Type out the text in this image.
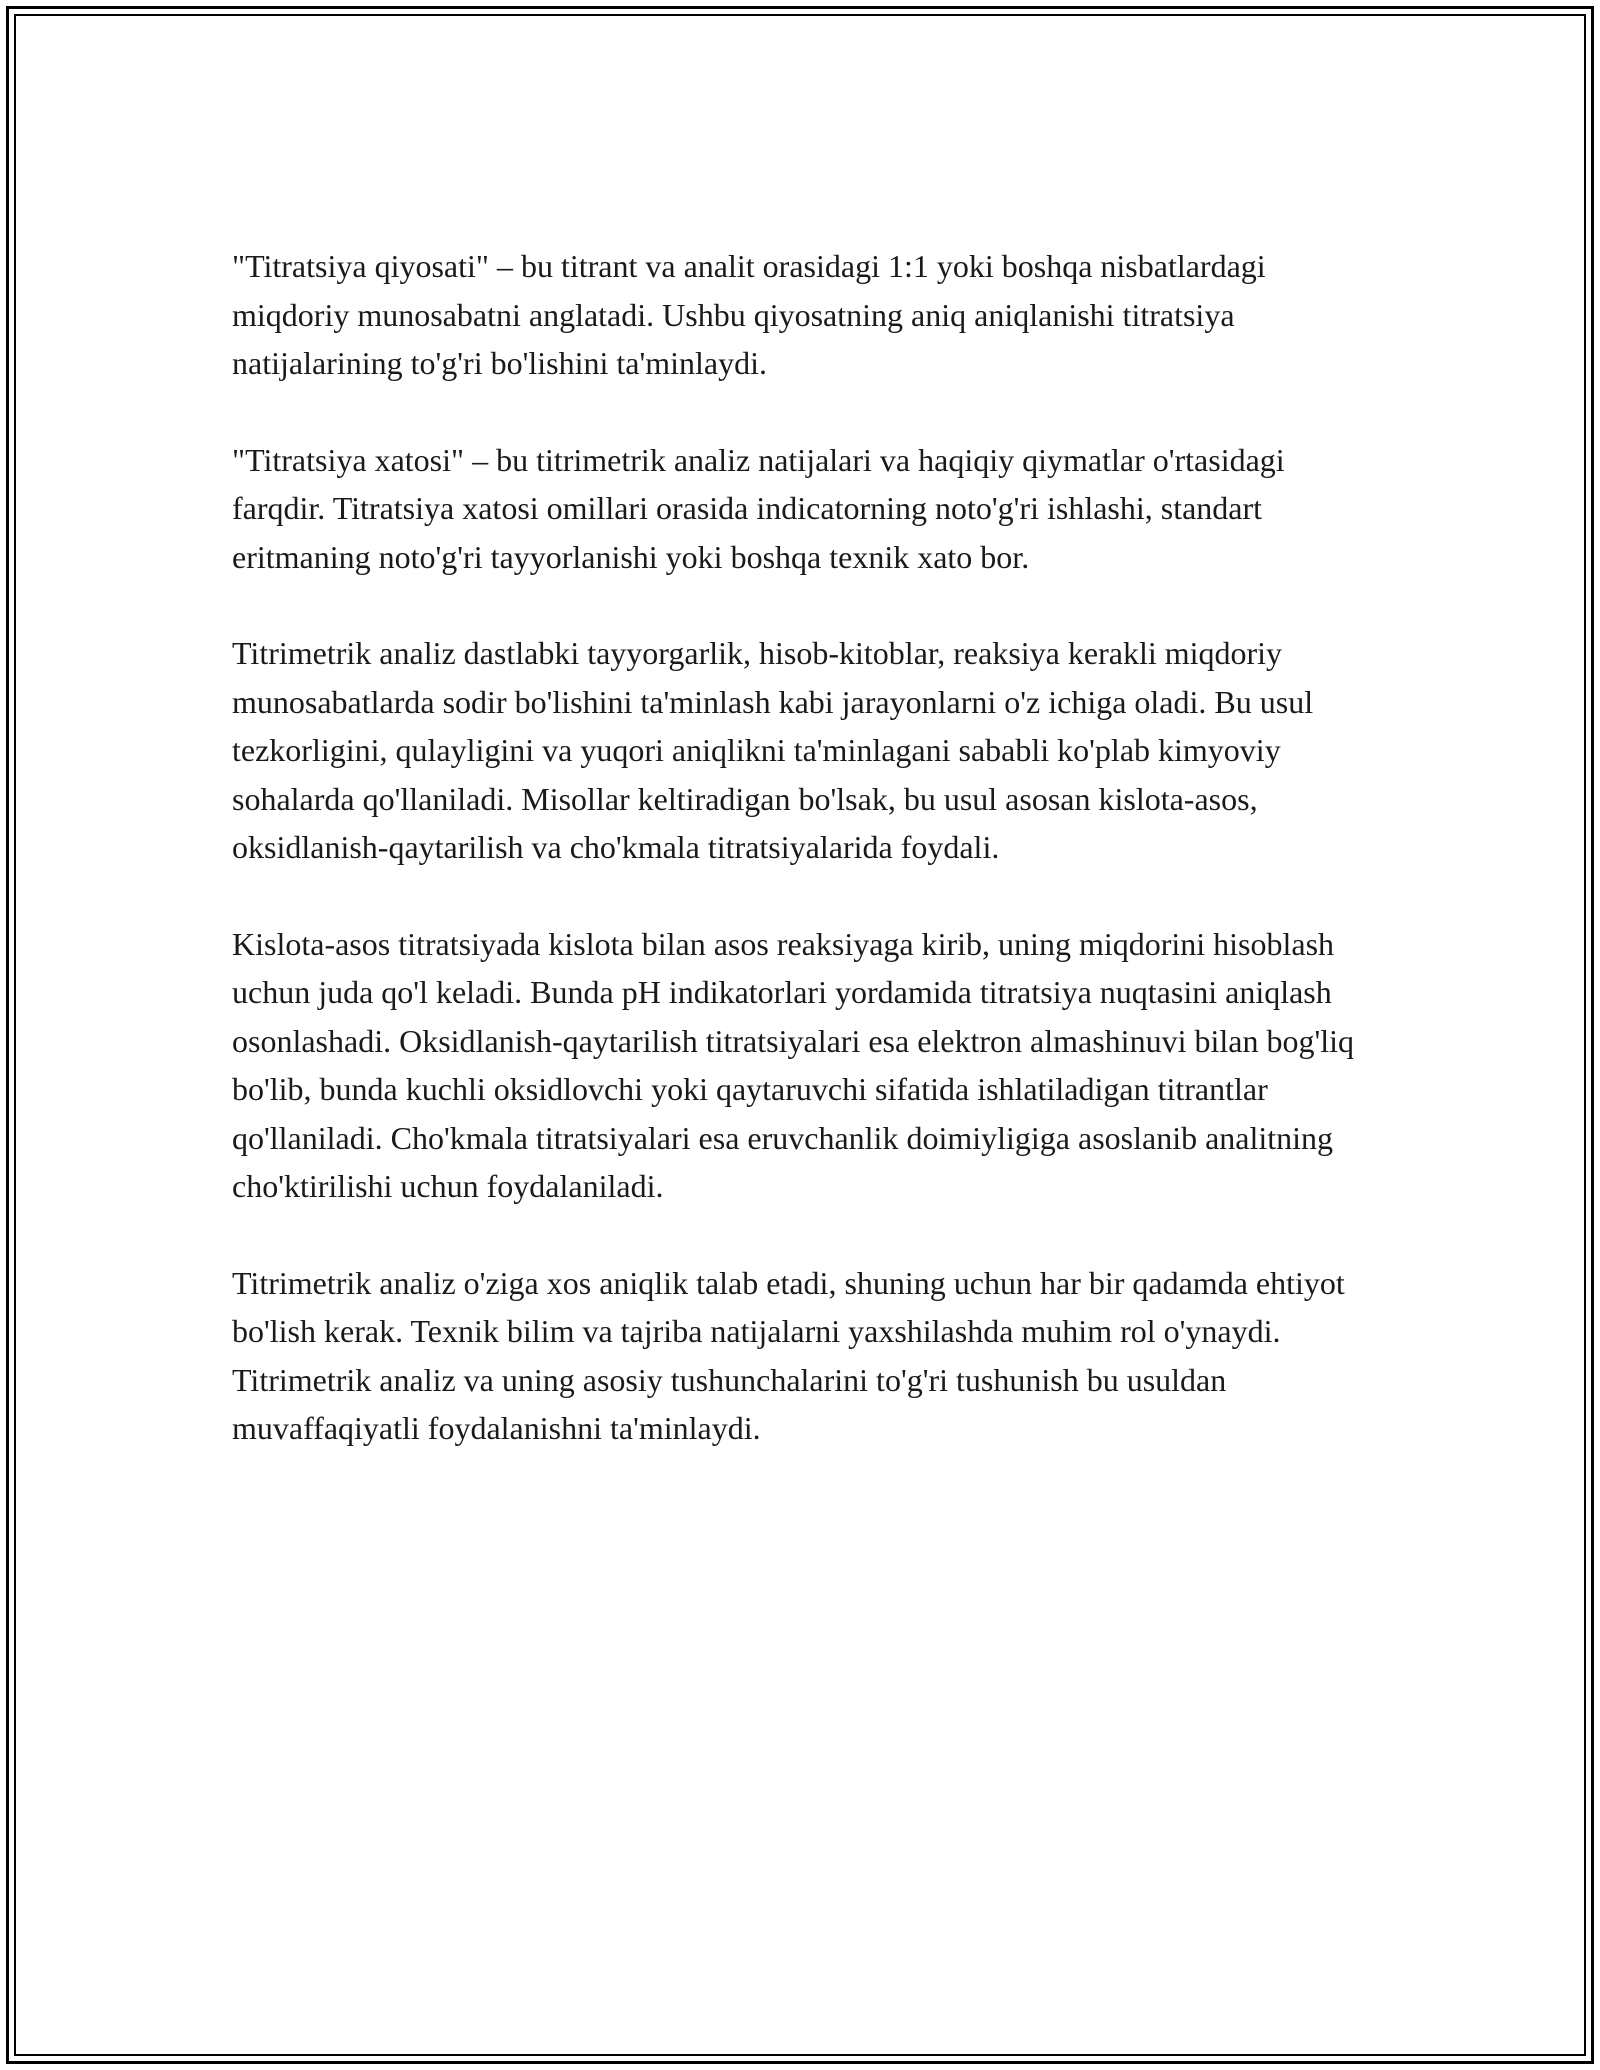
"Titratsiya qiyosati" – bu titrant va analit orasidagi 1:1 yoki boshqa nisbatlardagi miqdoriy munosabatni anglatadi. Ushbu qiyosatning aniq aniqlanishi titratsiya natijalarining to'g'ri bo'lishini ta'minlaydi.

"Titratsiya xatosi" – bu titrimetrik analiz natijalari va haqiqiy qiymatlar o'rtasidagi farqdir. Titratsiya xatosi omillari orasida indicatorning noto'g'ri ishlashi, standart eritmaning noto'g'ri tayyorlanishi yoki boshqa texnik xato bor.

Titrimetrik analiz dastlabki tayyorgarlik, hisob-kitoblar, reaksiya kerakli miqdoriy munosabatlarda sodir bo'lishini ta'minlash kabi jarayonlarni o'z ichiga oladi. Bu usul tezkorligini, qulayligini va yuqori aniqlikni ta'minlagani sababli ko'plab kimyoviy sohalarda qo'llaniladi. Misollar keltiradigan bo'lsak, bu usul asosan kislota-asos, oksidlanish-qaytarilish va cho'kmala titratsiyalarida foydali.

Kislota-asos titratsiyada kislota bilan asos reaksiyaga kirib, uning miqdorini hisoblash uchun juda qo'l keladi. Bunda pH indikatorlari yordamida titratsiya nuqtasini aniqlash osonlashadi. Oksidlanish-qaytarilish titratsiyalari esa elektron almashinuvi bilan bog'liq bo'lib, bunda kuchli oksidlovchi yoki qaytaruvchi sifatida ishlatiladigan titrantlar qo'llaniladi. Cho'kmala titratsiyalari esa eruvchanlik doimiyligiga asoslanib analitning cho'ktirilishi uchun foydalaniladi.

Titrimetrik analiz o'ziga xos aniqlik talab etadi, shuning uchun har bir qadamda ehtiyot bo'lish kerak. Texnik bilim va tajriba natijalarni yaxshilashda muhim rol o'ynaydi. Titrimetrik analiz va uning asosiy tushunchalarini to'g'ri tushunish bu usuldan muvaffaqiyatli foydalanishni ta'minlaydi.
